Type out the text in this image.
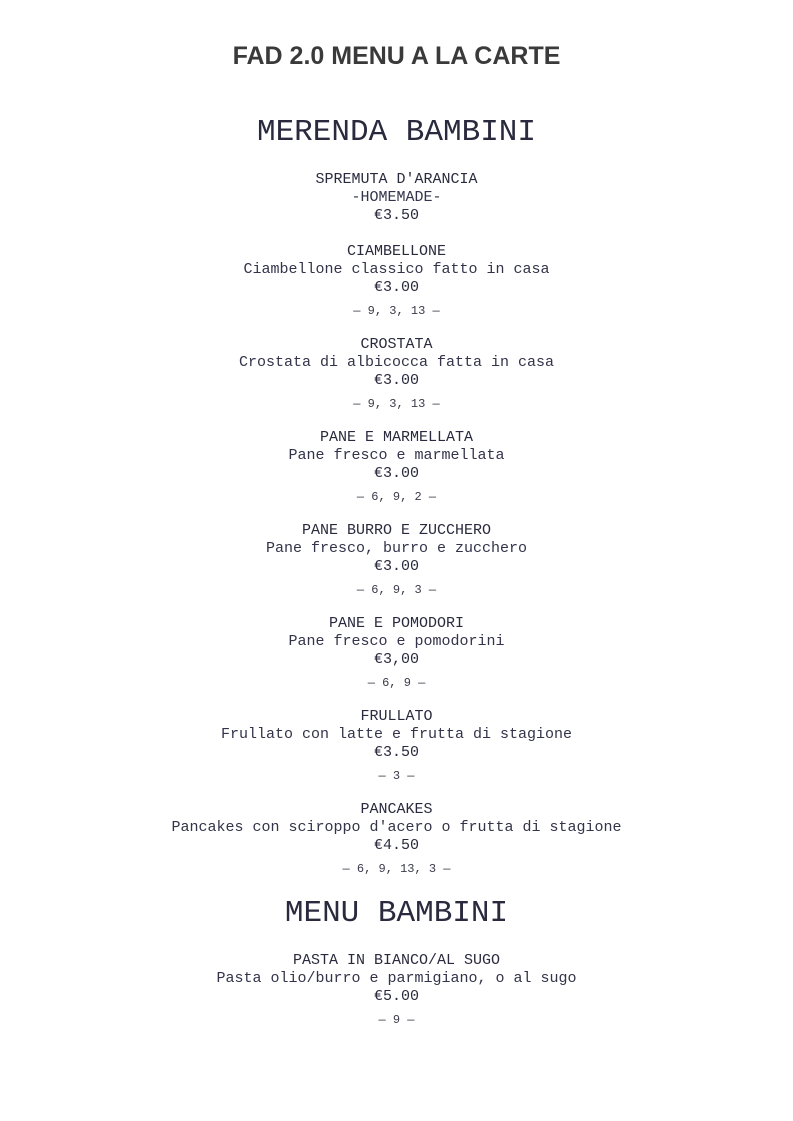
FAD 2.0 MENU A LA CARTE
MERENDA BAMBINI
SPREMUTA D'ARANCIA
-HOMEMADE-
€3.50
CIAMBELLONE
Ciambellone classico fatto in casa
€3.00
— 9, 3, 13 —
CROSTATA
Crostata di albicocca fatta in casa
€3.00
— 9, 3, 13 —
PANE E MARMELLATA
Pane fresco e marmellata
€3.00
— 6, 9, 2 —
PANE BURRO E ZUCCHERO
Pane fresco, burro e zucchero
€3.00
— 6, 9, 3 —
PANE E POMODORI
Pane fresco e pomodorini
€3,00
— 6, 9 —
FRULLATO
Frullato con latte e frutta di stagione
€3.50
— 3 —
PANCAKES
Pancakes con sciroppo d'acero o frutta di stagione
€4.50
— 6, 9, 13, 3 —
MENU BAMBINI
PASTA IN BIANCO/AL SUGO
Pasta olio/burro e parmigiano, o al sugo
€5.00
— 9 —
